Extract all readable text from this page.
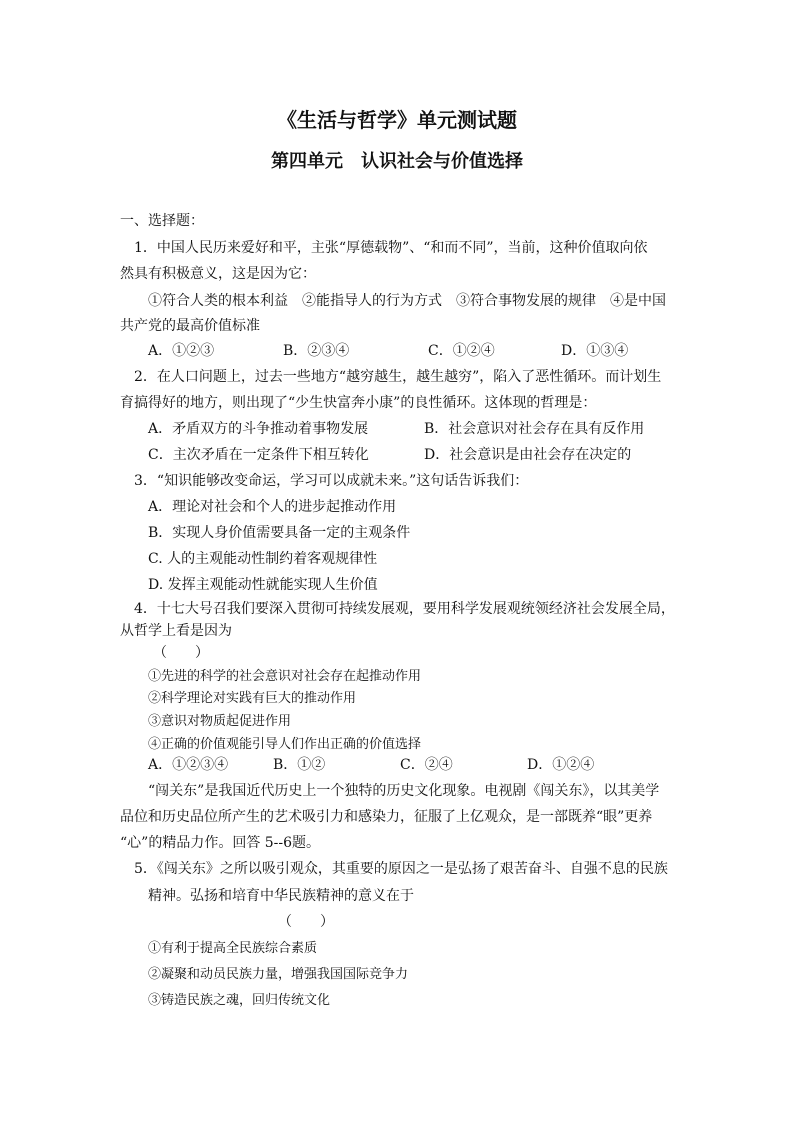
《生活与哲学》单元测试题
第四单元　认识社会与价值选择
一、选择题：
1．中国人民历来爱好和平，主张“厚德载物”、“和而不同”，当前，这种价值取向依
然具有积极意义，这是因为它：
①符合人类的根本利益　②能指导人的行为方式　③符合事物发展的规律　④是中国
共产党的最高价值标准
A．①②③	B．②③④	C．①②④	D．①③④
2．在人口问题上，过去一些地方“越穷越生，越生越穷”，陷入了恶性循环。而计划生
育搞得好的地方，则出现了“少生快富奔小康”的良性循环。这体现的哲理是：
A．矛盾双方的斗争推动着事物发展	B．社会意识对社会存在具有反作用
C．主次矛盾在一定条件下相互转化	D．社会意识是由社会存在决定的
3．“知识能够改变命运，学习可以成就未来。”这句话告诉我们：
A．理论对社会和个人的进步起推动作用
B．实现人身价值需要具备一定的主观条件
C. 人的主观能动性制约着客观规律性
D. 发挥主观能动性就能实现人生价值
4．十七大号召我们要深入贯彻可持续发展观，要用科学发展观统领经济社会发展全局，
从哲学上看是因为
（　　）
①先进的科学的社会意识对社会存在起推动作用
②科学理论对实践有巨大的推动作用
③意识对物质起促进作用
④正确的价值观能引导人们作出正确的价值选择
A．①②③④	B．①②	C．②④	D．①②④
“闯关东”是我国近代历史上一个独特的历史文化现象。电视剧《闯关东》，以其美学
品位和历史品位所产生的艺术吸引力和感染力，征服了上亿观众，是一部既养“眼”更养
“心”的精品力作。回答 5--6题。
5．《闯关东》之所以吸引观众，其重要的原因之一是弘扬了艰苦奋斗、自强不息的民族
精神。弘扬和培育中华民族精神的意义在于
（　　）
①有利于提高全民族综合素质
②凝聚和动员民族力量，增强我国国际竞争力
③铸造民族之魂，回归传统文化
